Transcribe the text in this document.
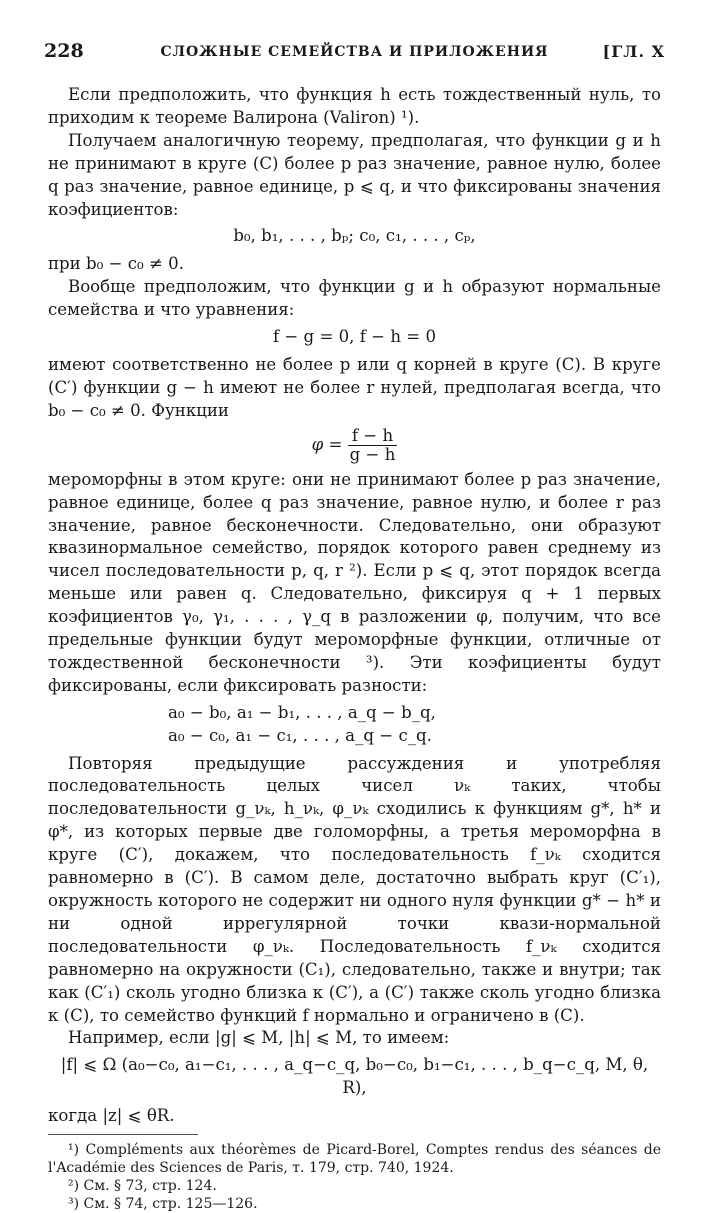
228	СЛОЖНЫЕ СЕМЕЙСТВА И ПРИЛОЖЕНИЯ	[ГЛ. X

Если предположить, что функция h есть тождественный нуль, то приходим к теореме Валирона (Valiron) ¹).

Получаем аналогичную теорему, предполагая, что функции g и h не принимают в круге (C) более p раз значение, равное нулю, более q раз значение, равное единице, p ⩽ q, и что фиксированы значения коэфициентов:

b₀, b₁, . . . , bₚ; c₀, c₁, . . . , cₚ,

при b₀ − c₀ ≠ 0.

Вообще предположим, что функции g и h образуют нормальные семейства и что уравнения:

f − g = 0, f − h = 0

имеют соответственно не более p или q корней в круге (C). В круге (C′) функции g − h имеют не более r нулей, предполагая всегда, что b₀ − c₀ ≠ 0. Функции

$\varphi = \frac{f - h}{g - h}$

мероморфны в этом круге: они не принимают более p раз значение, равное единице, более q раз значение, равное нулю, и более r раз значение, равное бесконечности. Следовательно, они образуют квазинормальное семейство, порядок которого равен среднему из чисел последовательности p, q, r ²). Если p ⩽ q, этот порядок всегда меньше или равен q. Следовательно, фиксируя q + 1 первых коэфициентов γ₀, γ₁, . . . , γ_q в разложении φ, получим, что все предельные функции будут мероморфные функции, отличные от тождественной бесконечности ³). Эти коэфициенты будут фиксированы, если фиксировать разности:

a₀ − b₀, a₁ − b₁, . . . , a_q − b_q,
a₀ − c₀, a₁ − c₁, . . . , a_q − c_q.

Повторяя предыдущие рассуждения и употребляя последовательность целых чисел νₖ таких, чтобы последовательности g_νₖ, h_νₖ, φ_νₖ сходились к функциям g*, h* и φ*, из которых первые две голоморфны, а третья мероморфна в круге (C′), докажем, что последовательность f_νₖ сходится равномерно в (C′). В самом деле, достаточно выбрать круг (C′₁), окружность которого не содержит ни одного нуля функции g* − h* и ни одной иррегулярной точки квази-нормальной последовательности φ_νₖ. Последовательность f_νₖ сходится равномерно на окружности (C₁), следовательно, также и внутри; так как (C′₁) сколь угодно близка к (C′), а (C′) также сколь угодно близка к (C), то семейство функций f нормально и ограничено в (C).

Например, если |g| ⩽ M, |h| ⩽ M, то имеем:

|f| ⩽ Ω (a₀−c₀, a₁−c₁, . . . , a_q−c_q, b₀−c₀, b₁−c₁, . . . , b_q−c_q, M, θ, R),

когда |z| ⩽ θR.

¹) Compléments aux théorèmes de Picard-Borel, Comptes rendus des séances de l'Académie des Sciences de Paris, т. 179, стр. 740, 1924.

²) См. § 73, стр. 124.

³) См. § 74, стр. 125—126.
